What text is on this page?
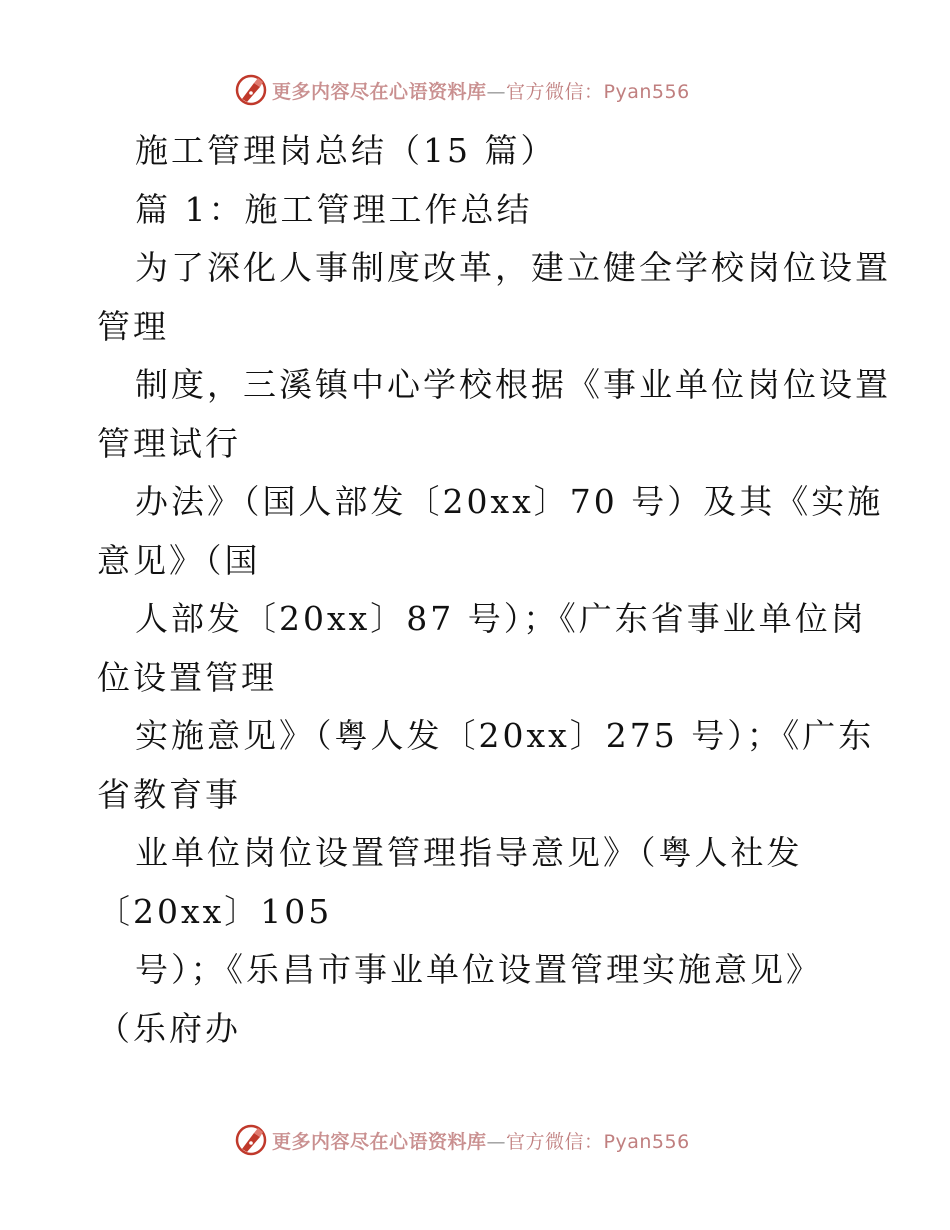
更多内容尽在心语资料库—官方微信：Pyan556
施工管理岗总结（15 篇）
篇 1：施工管理工作总结
为了深化人事制度改革，建立健全学校岗位设置
管理
制度，三溪镇中心学校根据《事业单位岗位设置
管理试行
办法》（国人部发〔20xx〕70 号）及其《实施
意见》（国
人部发〔20xx〕87 号）；《广东省事业单位岗
位设置管理
实施意见》（粤人发〔20xx〕275 号）；《广东
省教育事
业单位岗位设置管理指导意见》（粤人社发
〔20xx〕105
号）；《乐昌市事业单位设置管理实施意见》
（乐府办
更多内容尽在心语资料库—官方微信：Pyan556
